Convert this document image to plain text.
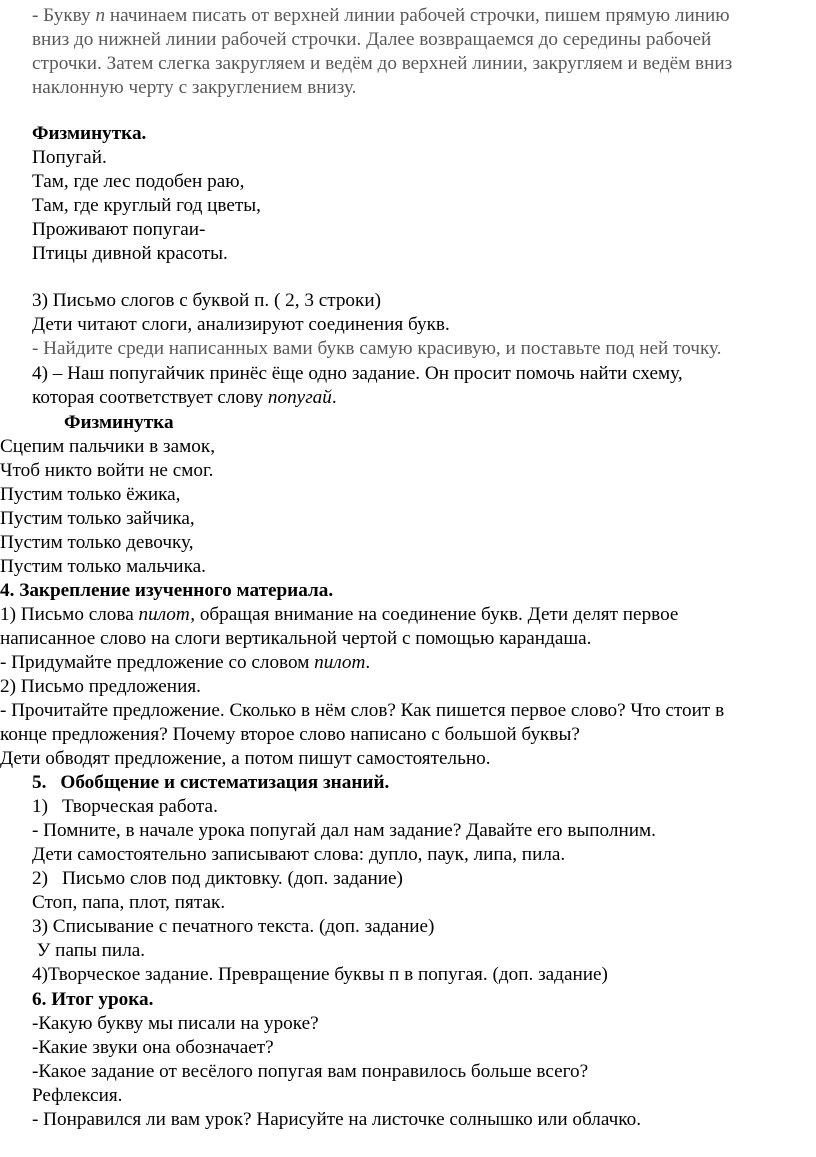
- Букву п начинаем писать от верхней линии рабочей строчки, пишем прямую линию
вниз до нижней линии рабочей строчки. Далее возвращаемся до середины рабочей
строчки. Затем слегка закругляем и ведём до верхней линии, закругляем и ведём вниз
наклонную черту с закруглением внизу.
Физминутка.
Попугай.
Там, где лес подобен раю,
Там, где круглый год цветы,
Проживают попугаи-
Птицы дивной красоты.
3) Письмо слогов с буквой п. ( 2, 3 строки)
Дети читают слоги, анализируют соединения букв.
- Найдите среди написанных вами букв самую красивую, и поставьте под ней точку.
4) – Наш попугайчик принёс ёще одно задание. Он просит помочь найти схему,
которая соответствует слову попугай.
Физминутка
Сцепим пальчики в замок,
Чтоб никто войти не смог.
Пустим только ёжика,
Пустим только зайчика,
Пустим только девочку,
Пустим только мальчика.
4. Закрепление изученного материала.
1) Письмо слова пилот, обращая внимание на соединение букв. Дети делят первое
написанное слово на слоги вертикальной чертой с помощью карандаша.
- Придумайте предложение со словом пилот.
2) Письмо предложения.
- Прочитайте предложение. Сколько в нём слов? Как пишется первое слово? Что стоит в
конце предложения? Почему второе слово написано с большой буквы?
Дети обводят предложение, а потом пишут самостоятельно.
5. Обобщение и систематизация знаний.
1) Творческая работа.
- Помните, в начале урока попугай дал нам задание? Давайте его выполним.
Дети самостоятельно записывают слова: дупло, паук, липа, пила.
2) Письмо слов под диктовку. (доп. задание)
Стоп, папа, плот, пятак.
3) Списывание с печатного текста. (доп. задание)
У папы пила.
4)Творческое задание. Превращение буквы п в попугая. (доп. задание)
6. Итог урока.
-Какую букву мы писали на уроке?
-Какие звуки она обозначает?
-Какое задание от весёлого попугая вам понравилось больше всего?
Рефлексия.
- Понравился ли вам урок? Нарисуйте на листочке солнышко или облачко.
